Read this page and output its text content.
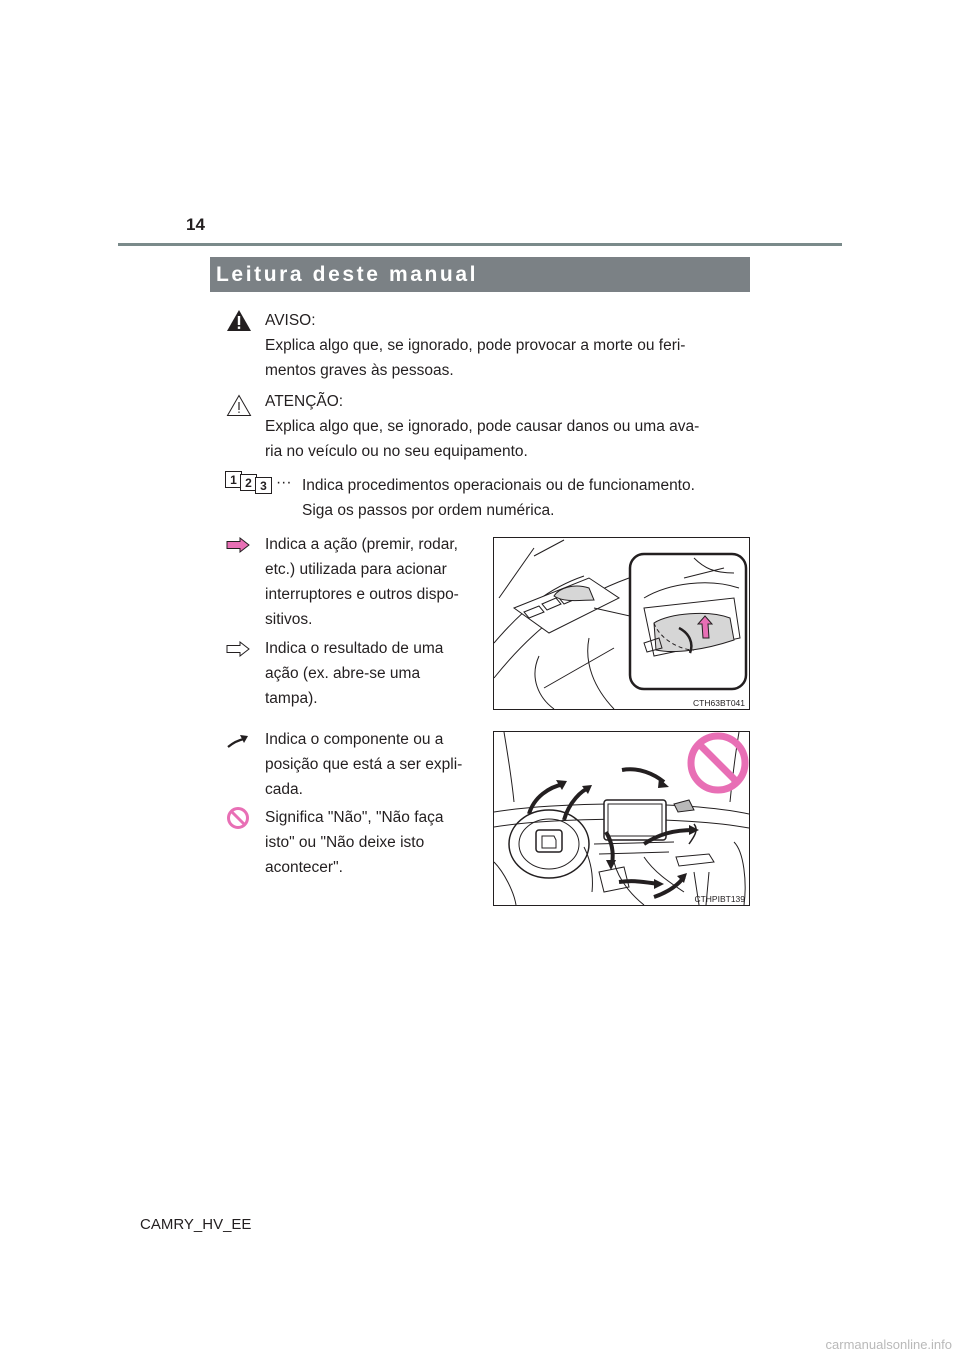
14
Leitura deste manual
AVISO:
Explica algo que, se ignorado, pode provocar a morte ou feri-
mentos graves às pessoas.
ATENÇÃO:
Explica algo que, se ignorado, pode causar danos ou uma ava-
ria no veículo ou no seu equipamento.
1 2 3 ··· Indica procedimentos operacionais ou de funcionamento.
Siga os passos por ordem numérica.
Indica a ação (premir, rodar,
etc.) utilizada para acionar
interruptores e outros dispo-
sitivos.
Indica o resultado de uma
ação (ex. abre-se uma
tampa).	CTH63BT041
Indica o componente ou a
posição que está a ser expli-
cada.
Significa "Não", "Não faça
isto" ou "Não deixe isto
acontecer".
CTHPIBT139
CAMRY_HV_EE
carmanualsonline.info
